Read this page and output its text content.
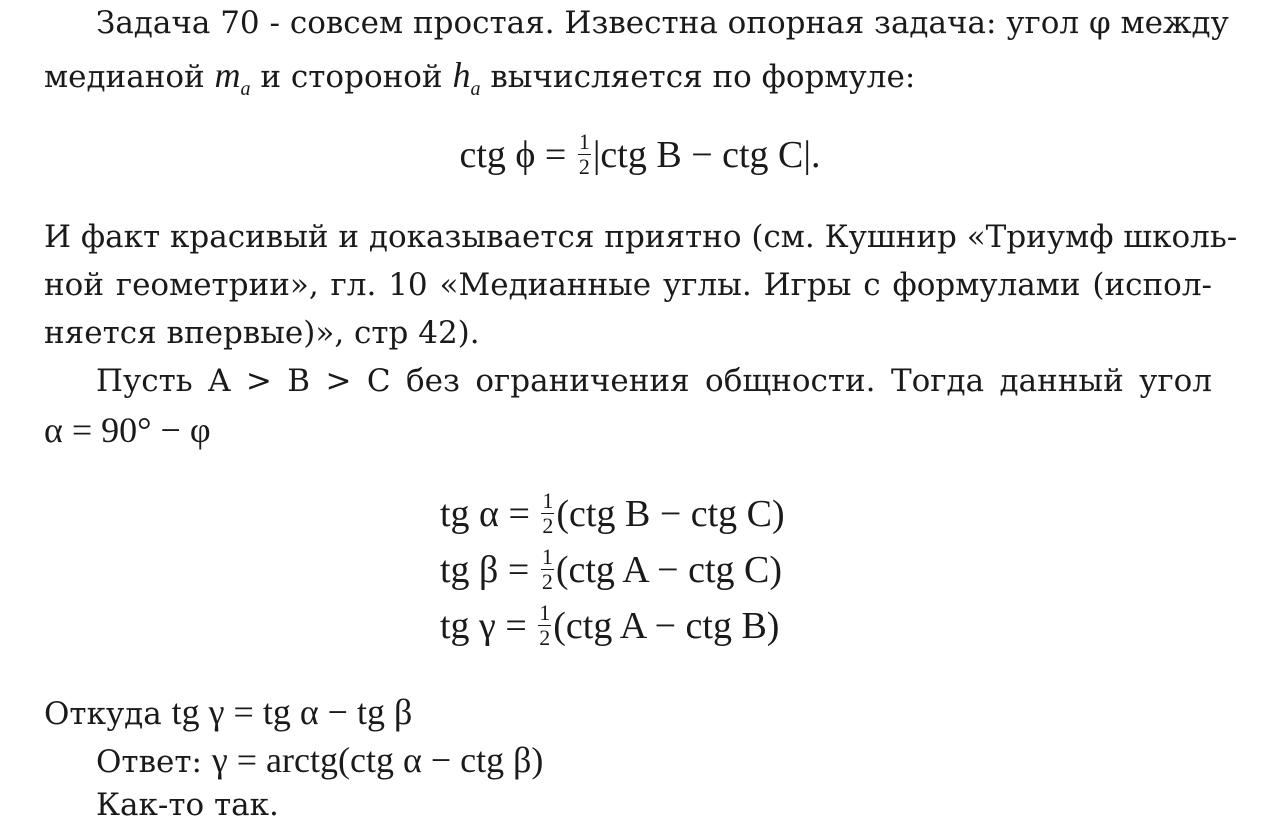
Задача 70 - совсем простая. Известна опорная задача: угол φ между
медианой $m_a$ и стороной $h_a$ вычисляется по формуле:
ctg $\phi = \frac{1}{2} |ctg$ B − ctg C|.
И факт красивый и доказывается приятно (см. Кушнир «Триумф школь-
ной геометрии», гл. 10 «Медианные углы. Игры с формулами (испол-
няется впервые)», стр 42).
Пусть A > B > C без ограничения общности. Тогда данный угол
α = 90° − φ
tg $\alpha = \frac{1}{2} (ctg$ B − ctg C)
tg $\beta = \frac{1}{2} (ctg$ A − ctg C)
tg $\gamma = \frac{1}{2} (ctg$ A − ctg B)
Откуда tg γ = tg α − tg β
Ответ: γ = arctg(ctg α − ctg β)
Как-то так.
